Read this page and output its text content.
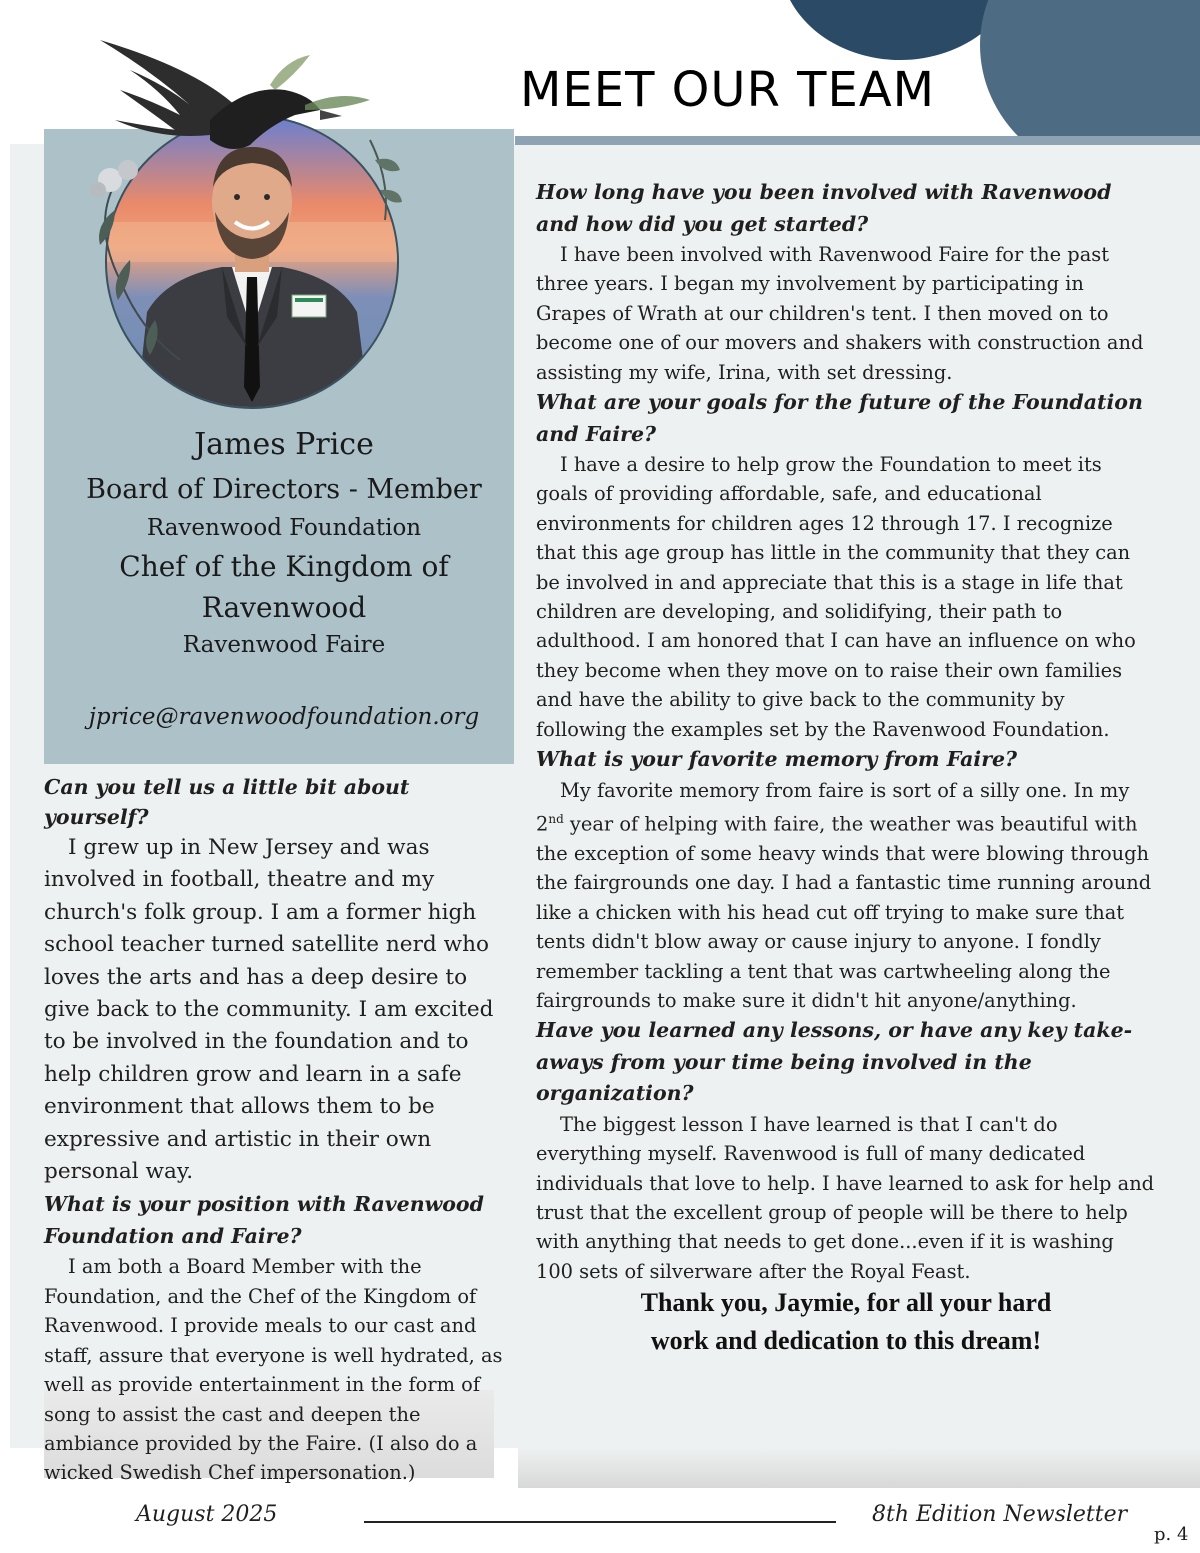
MEET OUR TEAM
James Price
Board of Directors - Member
Ravenwood Foundation
Chef of the Kingdom of
Ravenwood
Ravenwood Faire
jprice@ravenwoodfoundation.org

Can you tell us a little bit about yourself?

I grew up in New Jersey and was involved in football, theatre and my church's folk group. I am a former high school teacher turned satellite nerd who loves the arts and has a deep desire to give back to the community. I am excited to be involved in the foundation and to help children grow and learn in a safe environment that allows them to be expressive and artistic in their own personal way.

What is your position with Ravenwood Foundation and Faire?

I am both a Board Member with the Foundation, and the Chef of the Kingdom of Ravenwood. I provide meals to our cast and staff, assure that everyone is well hydrated, as well as provide entertainment in the form of song to assist the cast and deepen the ambiance provided by the Faire. (I also do a wicked Swedish Chef impersonation.)

How long have you been involved with Ravenwood and how did you get started?

I have been involved with Ravenwood Faire for the past three years. I began my involvement by participating in Grapes of Wrath at our children's tent. I then moved on to become one of our movers and shakers with construction and assisting my wife, Irina, with set dressing.

What are your goals for the future of the Foundation and Faire?

I have a desire to help grow the Foundation to meet its goals of providing affordable, safe, and educational environments for children ages 12 through 17. I recognize that this age group has little in the community that they can be involved in and appreciate that this is a stage in life that children are developing, and solidifying, their path to adulthood. I am honored that I can have an influence on who they become when they move on to raise their own families and have the ability to give back to the community by following the examples set by the Ravenwood Foundation.

What is your favorite memory from Faire?

My favorite memory from faire is sort of a silly one. In my 2nd year of helping with faire, the weather was beautiful with the exception of some heavy winds that were blowing through the fairgrounds one day. I had a fantastic time running around like a chicken with his head cut off trying to make sure that tents didn't blow away or cause injury to anyone. I fondly remember tackling a tent that was cartwheeling along the fairgrounds to make sure it didn't hit anyone/anything.

Have you learned any lessons, or have any key take-aways from your time being involved in the organization?

The biggest lesson I have learned is that I can't do everything myself. Ravenwood is full of many dedicated individuals that love to help. I have learned to ask for help and trust that the excellent group of people will be there to help with anything that needs to get done...even if it is washing 100 sets of silverware after the Royal Feast.

Thank you, Jaymie, for all your hard work and dedication to this dream!
August 2025	8th Edition Newsletter
p. 4
